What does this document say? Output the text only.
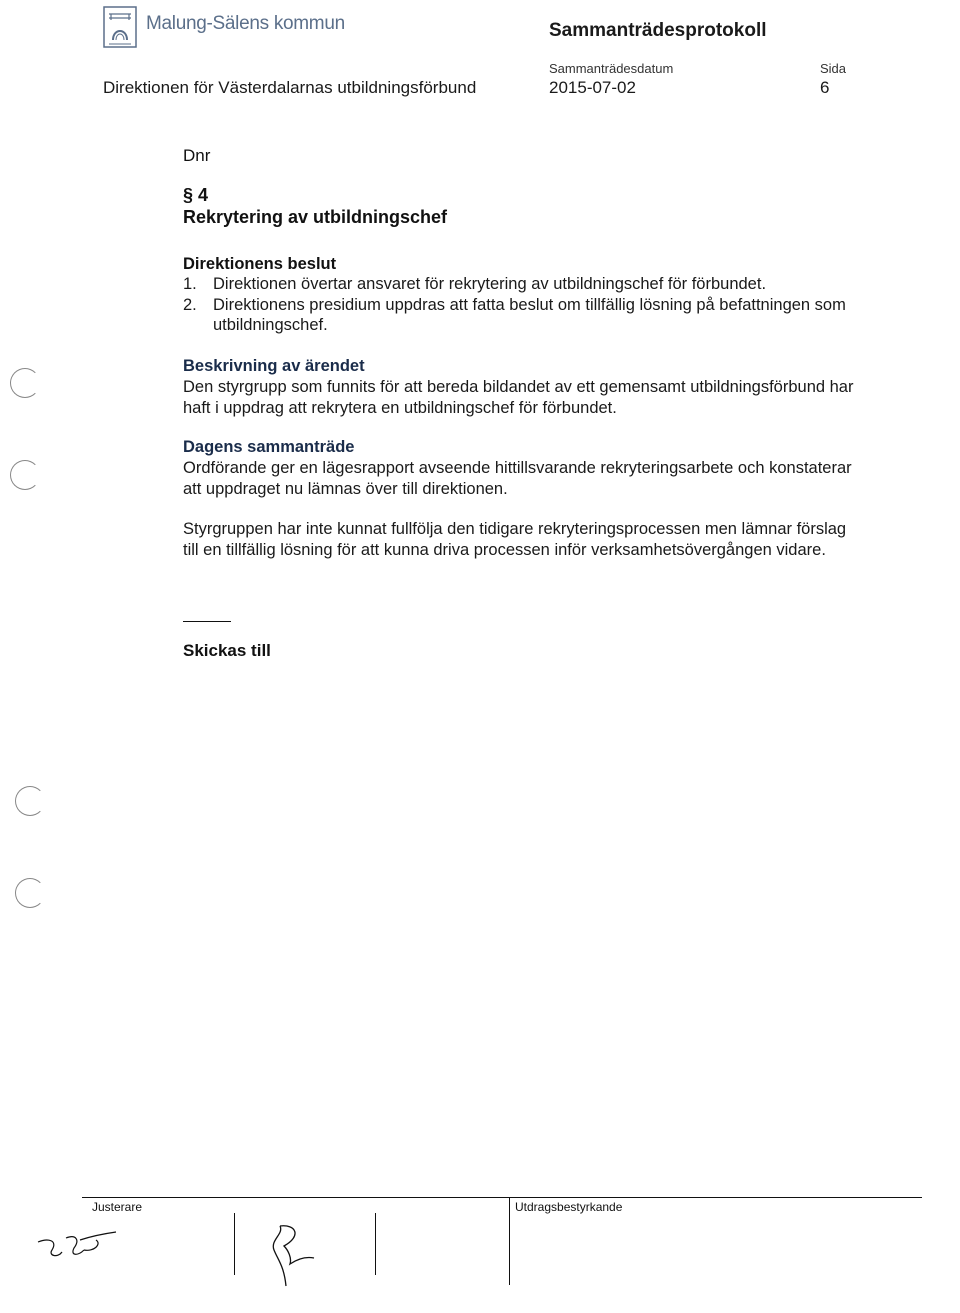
Malung-Sälens kommun	Sammanträdesprotokoll
Direktionen för Västerdalarnas utbildningsförbund
Sammanträdesdatum
2015-07-02
Sida
6
Dnr
§ 4
Rekrytering av utbildningschef
Direktionens beslut
1. Direktionen övertar ansvaret för rekrytering av utbildningschef för förbundet.
2. Direktionens presidium uppdras att fatta beslut om tillfällig lösning på befattningen som utbildningschef.
Beskrivning av ärendet
Den styrgrupp som funnits för att bereda bildandet av ett gemensamt utbildningsförbund har haft i uppdrag att rekrytera en utbildningschef för förbundet.
Dagens sammanträde
Ordförande ger en lägesrapport avseende hittillsvarande rekryteringsarbete och konstaterar att uppdraget nu lämnas över till direktionen.
Styrgruppen har inte kunnat fullfölja den tidigare rekryteringsprocessen men lämnar förslag till en tillfällig lösning för att kunna driva processen inför verksamhetsövergången vidare.
Skickas till
Justerare	Utdragsbestyrkande
